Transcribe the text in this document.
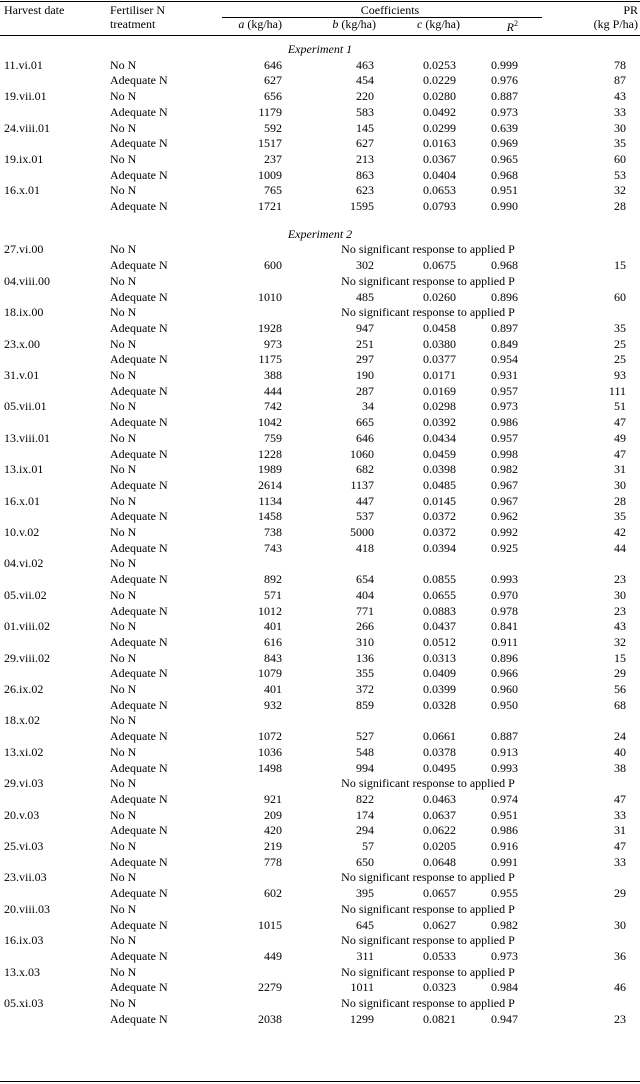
Harvest date	Fertiliser N
treatment
Coefficients
a (kg/ha)	b (kg/ha)	c (kg/ha)	$R^2$
PR
(kg P/ha)
Experiment 1
11.vi.01	No N	646	463	0.0253	0.999	78
Adequate N	627	454	0.0229	0.976	87
19.vii.01	No N	656	220	0.0280	0.887	43
Adequate N	1179	583	0.0492	0.973	33
24.viii.01	No N	592	145	0.0299	0.639	30
Adequate N	1517	627	0.0163	0.969	35
19.ix.01	No N	237	213	0.0367	0.965	60
Adequate N	1009	863	0.0404	0.968	53
16.x.01	No N	765	623	0.0653	0.951	32
Adequate N	1721	1595	0.0793	0.990	28
Experiment 2
27.vi.00	No N	No significant response to applied P
Adequate N	600	302	0.0675	0.968	15
04.viii.00	No N	No significant response to applied P
Adequate N	1010	485	0.0260	0.896	60
18.ix.00	No N	No significant response to applied P
Adequate N	1928	947	0.0458	0.897	35
23.x.00	No N	973	251	0.0380	0.849	25
Adequate N	1175	297	0.0377	0.954	25
31.v.01	No N	388	190	0.0171	0.931	93
Adequate N	444	287	0.0169	0.957	111
05.vii.01	No N	742	34	0.0298	0.973	51
Adequate N	1042	665	0.0392	0.986	47
13.viii.01	No N	759	646	0.0434	0.957	49
Adequate N	1228	1060	0.0459	0.998	47
13.ix.01	No N	1989	682	0.0398	0.982	31
Adequate N	2614	1137	0.0485	0.967	30
16.x.01	No N	1134	447	0.0145	0.967	28
Adequate N	1458	537	0.0372	0.962	35
10.v.02	No N	738	5000	0.0372	0.992	42
Adequate N	743	418	0.0394	0.925	44
04.vi.02	No N
Adequate N	892	654	0.0855	0.993	23
05.vii.02	No N	571	404	0.0655	0.970	30
Adequate N	1012	771	0.0883	0.978	23
01.viii.02	No N	401	266	0.0437	0.841	43
Adequate N	616	310	0.0512	0.911	32
29.viii.02	No N	843	136	0.0313	0.896	15
Adequate N	1079	355	0.0409	0.966	29
26.ix.02	No N	401	372	0.0399	0.960	56
Adequate N	932	859	0.0328	0.950	68
18.x.02	No N
Adequate N	1072	527	0.0661	0.887	24
13.xi.02	No N	1036	548	0.0378	0.913	40
Adequate N	1498	994	0.0495	0.993	38
29.vi.03	No N	No significant response to applied P
Adequate N	921	822	0.0463	0.974	47
20.v.03	No N	209	174	0.0637	0.951	33
Adequate N	420	294	0.0622	0.986	31
25.vi.03	No N	219	57	0.0205	0.916	47
Adequate N	778	650	0.0648	0.991	33
23.vii.03	No N	No significant response to applied P
Adequate N	602	395	0.0657	0.955	29
20.viii.03	No N	No significant response to applied P
Adequate N	1015	645	0.0627	0.982	30
16.ix.03	No N	No significant response to applied P
Adequate N	449	311	0.0533	0.973	36
13.x.03	No N	No significant response to applied P
Adequate N	2279	1011	0.0323	0.984	46
05.xi.03	No N	No significant response to applied P
Adequate N	2038	1299	0.0821	0.947	23
